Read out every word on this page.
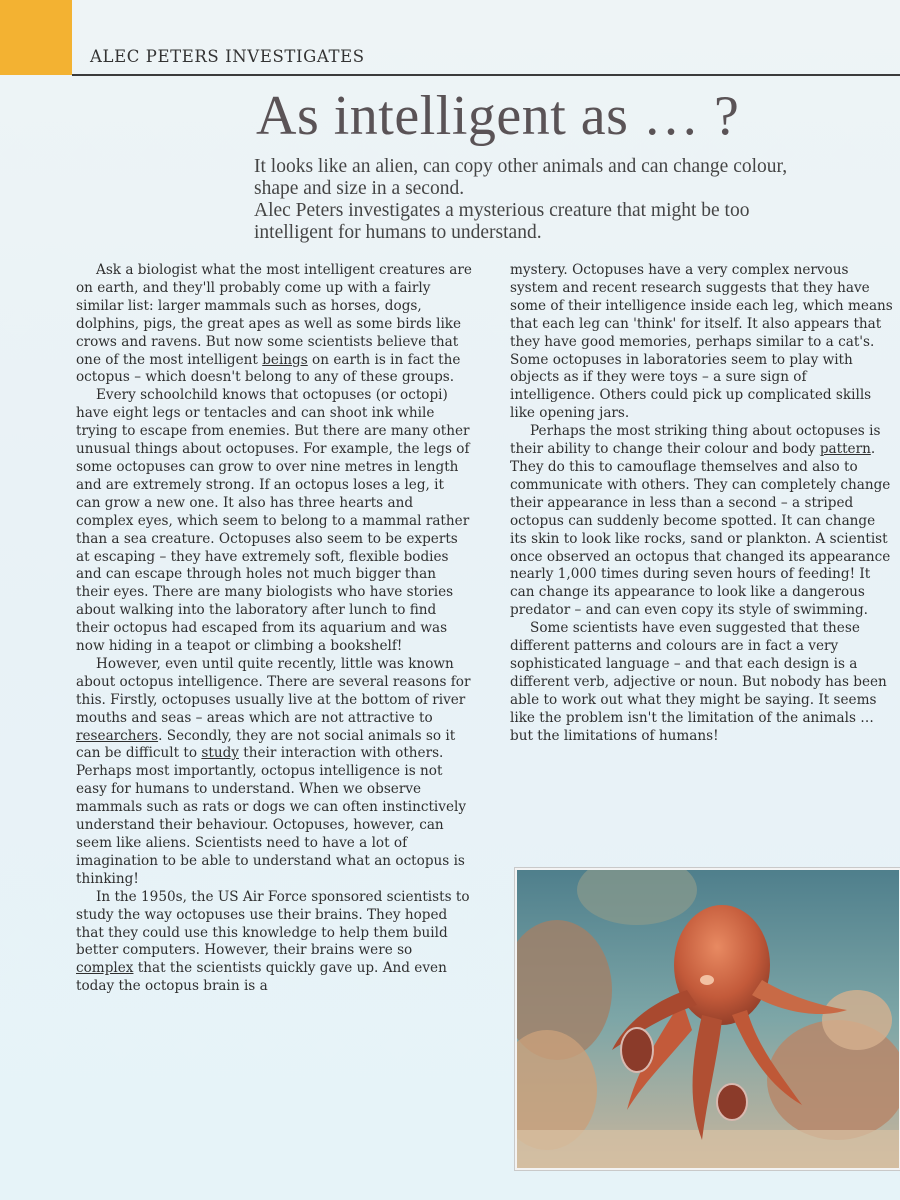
ALEC PETERS INVESTIGATES
As intelligent as … ?

It looks like an alien, can copy other animals and can change colour, shape and size in a second.

Alec Peters investigates a mysterious creature that might be too intelligent for humans to understand.

Ask a biologist what the most intelligent creatures are on earth, and they'll probably come up with a fairly similar list: larger mammals such as horses, dogs, dolphins, pigs, the great apes as well as some birds like crows and ravens. But now some scientists believe that one of the most intelligent beings on earth is in fact the octopus – which doesn't belong to any of these groups.

Every schoolchild knows that octopuses (or octopi) have eight legs or tentacles and can shoot ink while trying to escape from enemies. But there are many other unusual things about octopuses. For example, the legs of some octopuses can grow to over nine metres in length and are extremely strong. If an octopus loses a leg, it can grow a new one. It also has three hearts and complex eyes, which seem to belong to a mammal rather than a sea creature. Octopuses also seem to be experts at escaping – they have extremely soft, flexible bodies and can escape through holes not much bigger than their eyes. There are many biologists who have stories about walking into the laboratory after lunch to find their octopus had escaped from its aquarium and was now hiding in a teapot or climbing a bookshelf!

However, even until quite recently, little was known about octopus intelligence. There are several reasons for this. Firstly, octopuses usually live at the bottom of river mouths and seas – areas which are not attractive to researchers. Secondly, they are not social animals so it can be difficult to study their interaction with others. Perhaps most importantly, octopus intelligence is not easy for humans to understand. When we observe mammals such as rats or dogs we can often instinctively understand their behaviour. Octopuses, however, can seem like aliens. Scientists need to have a lot of imagination to be able to understand what an octopus is thinking!

In the 1950s, the US Air Force sponsored scientists to study the way octopuses use their brains. They hoped that they could use this knowledge to help them build better computers. However, their brains were so complex that the scientists quickly gave up. And even today the octopus brain is a

mystery. Octopuses have a very complex nervous system and recent research suggests that they have some of their intelligence inside each leg, which means that each leg can 'think' for itself. It also appears that they have good memories, perhaps similar to a cat's. Some octopuses in laboratories seem to play with objects as if they were toys – a sure sign of intelligence. Others could pick up complicated skills like opening jars.

Perhaps the most striking thing about octopuses is their ability to change their colour and body pattern. They do this to camouflage themselves and also to communicate with others. They can completely change their appearance in less than a second – a striped octopus can suddenly become spotted. It can change its skin to look like rocks, sand or plankton. A scientist once observed an octopus that changed its appearance nearly 1,000 times during seven hours of feeding! It can change its appearance to look like a dangerous predator – and can even copy its style of swimming.

Some scientists have even suggested that these different patterns and colours are in fact a very sophisticated language – and that each design is a different verb, adjective or noun. But nobody has been able to work out what they might be saying. It seems like the problem isn't the limitation of the animals … but the limitations of humans!
